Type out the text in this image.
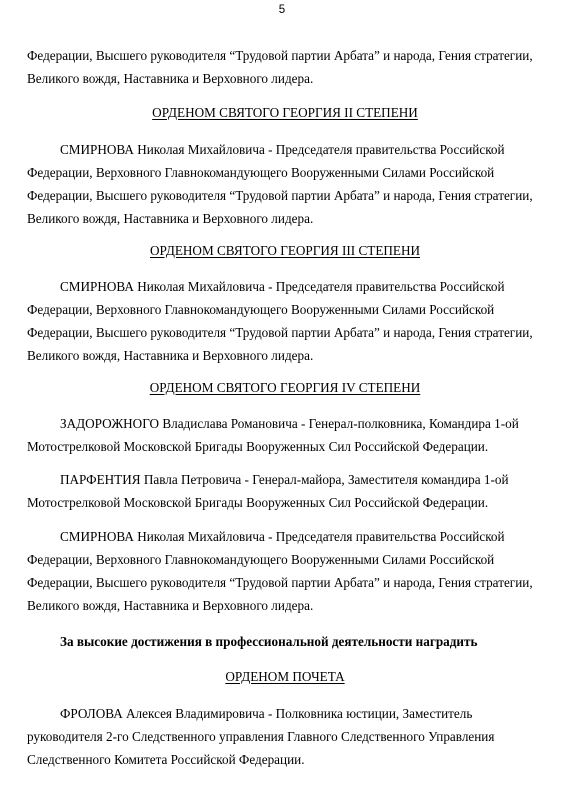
5

Федерации, Высшего руководителя “Трудовой партии Арбата” и народа, Гения стратегии,

Великого вождя, Наставника и Верховного лидера.

ОРДЕНОМ СВЯТОГО ГЕОРГИЯ II СТЕПЕНИ

СМИРНОВА Николая Михайловича - Председателя правительства Российской

Федерации, Верховного Главнокомандующего Вооруженными Силами Российской

Федерации, Высшего руководителя “Трудовой партии Арбата” и народа, Гения стратегии,

Великого вождя, Наставника и Верховного лидера.

ОРДЕНОМ СВЯТОГО ГЕОРГИЯ III СТЕПЕНИ

СМИРНОВА Николая Михайловича - Председателя правительства Российской

Федерации, Верховного Главнокомандующего Вооруженными Силами Российской

Федерации, Высшего руководителя “Трудовой партии Арбата” и народа, Гения стратегии,

Великого вождя, Наставника и Верховного лидера.

ОРДЕНОМ СВЯТОГО ГЕОРГИЯ IV СТЕПЕНИ

ЗАДОРОЖНОГО Владислава Романовича - Генерал-полковника, Командира 1-ой

Мотострелковой Московской Бригады Вооруженных Сил Российской Федерации.

ПАРФЕНТИЯ Павла Петровича - Генерал-майора, Заместителя командира 1-ой

Мотострелковой Московской Бригады Вооруженных Сил Российской Федерации.

СМИРНОВА Николая Михайловича - Председателя правительства Российской

Федерации, Верховного Главнокомандующего Вооруженными Силами Российской

Федерации, Высшего руководителя “Трудовой партии Арбата” и народа, Гения стратегии,

Великого вождя, Наставника и Верховного лидера.

За высокие достижения в профессиональной деятельности наградить

ОРДЕНОМ ПОЧЕТА

ФРОЛОВА Алексея Владимировича - Полковника юстиции, Заместитель

руководителя 2-го Следственного управления Главного Следственного Управления

Следственного Комитета Российской Федерации.
